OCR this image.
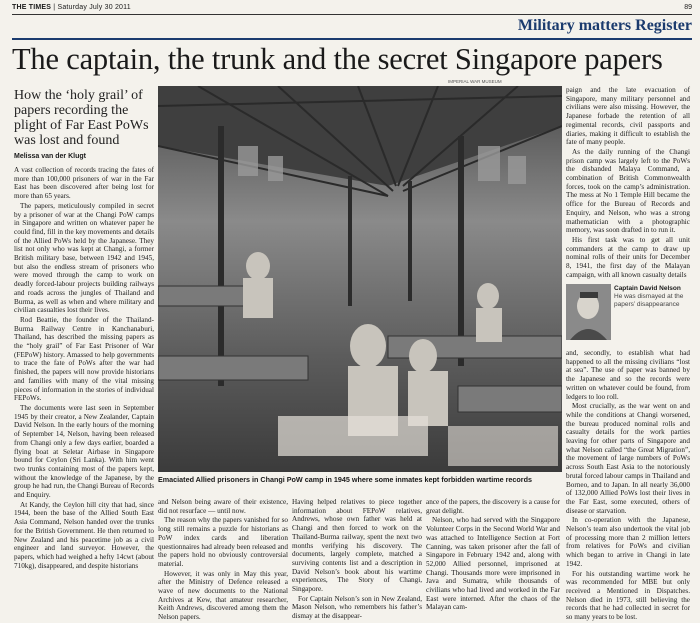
THE TIMES | Saturday July 30 2011	89
Military matters Register
The captain, the trunk and the secret Singapore papers
How the ‘holy grail’ of papers recording the plight of Far East PoWs was lost and found
Melissa van der Klugt

A vast collection of records tracing the fates of more than 100,000 prisoners of war in the Far East has been discovered after being lost for more than 65 years.

The papers, meticulously compiled in secret by a prisoner of war at the Changi PoW camps in Singapore and written on whatever paper he could find, fill in the key movements and details of the Allied PoWs held by the Japanese. They list not only who was kept at Changi, a former British military base, between 1942 and 1945, but also the endless stream of prisoners who were moved through the camp to work on deadly forced-labour projects building railways and roads across the jungles of Thailand and Burma, as well as when and where military and civilian casualties lost their lives.

Rod Beattie, the founder of the Thailand-Burma Railway Centre in Kanchanaburi, Thailand, has described the missing papers as the “holy grail” of Far East Prisoner of War (FEPoW) history. Amassed to help governments to trace the fate of PoWs after the war had finished, the papers will now provide historians and families with many of the vital missing pieces of information in the stories of individual FEPoWs.

The documents were last seen in September 1945 by their creator, a New Zealander, Captain David Nelson. In the early hours of the morning of September 14, Nelson, having been released from Changi only a few days earlier, boarded a flying boat at Seletar Airbase in Singapore bound for Ceylon (Sri Lanka). With him went two trunks containing most of the papers kept, without the knowledge of the Japanese, by the group he had run, the Changi Bureau of Records and Enquiry.

At Kandy, the Ceylon hill city that had, since 1944, been the base of the Allied South East Asia Command, Nelson handed over the trunks for the British Government. He then returned to New Zealand and his peacetime job as a civil engineer and land surveyor. However, the papers, which had weighed a hefty 14cwt (about 710kg), disappeared, and despite historians

IMPERIAL WAR MUSEUM
Emaciated Allied prisoners in Changi PoW camp in 1945 where some inmates kept forbidden wartime records

and Nelson being aware of their existence, did not resurface — until now.

The reason why the papers vanished for so long still remains a puzzle for historians as PoW index cards and liberation questionnaires had already been released and the papers hold no obviously controversial material.

However, it was only in May this year, after the Ministry of Defence released a wave of new documents to the National Archives at Kew, that amateur researcher, Keith Andrews, discovered among them the Nelson papers.

Having helped relatives to piece together information about FEPoW relatives, Andrews, whose own father was held at Changi and then forced to work on the Thailand-Burma railway, spent the next two months verifying his discovery. The documents, largely complete, matched a surviving contents list and a description in David Nelson’s book about his wartime experiences, The Story of Changi, Singapore.

For Captain Nelson’s son in New Zealand, Mason Nelson, who remembers his father’s dismay at the disappear-

ance of the papers, the discovery is a cause for great delight.

Nelson, who had served with the Singapore Volunteer Corps in the Second World War and was attached to Intelligence Section at Fort Canning, was taken prisoner after the fall of Singapore in February 1942 and, along with 52,000 Allied personnel, imprisoned at Changi. Thousands more were imprisoned in Java and Sumatra, while thousands of civilians who had lived and worked in the Far East were interned. After the chaos of the Malayan cam-

paign and the late evacuation of Singapore, many military personnel and civilians were also missing. However, the Japanese forbade the retention of all regimental records, civil passports and diaries, making it difficult to establish the fate of many people.

As the daily running of the Changi prison camp was largely left to the PoWs the disbanded Malaya Command, a combination of British Commonwealth forces, took on the camp’s administration. The mess at No 1 Temple Hill became the office for the Bureau of Records and Enquiry, and Nelson, who was a strong mathematician with a photographic memory, was soon drafted in to run it.

His first task was to get all unit commanders at the camp to draw up nominal rolls of their units for December 8, 1941, the first day of the Malayan campaign, with all known casualty details

Captain David Nelson
He was dismayed at the papers’ disappearance

and, secondly, to establish what had happened to all the missing civilians “lost at sea”. The use of paper was banned by the Japanese and so the records were written on whatever could be found, from ledgers to loo roll.

Most crucially, as the war went on and while the conditions at Changi worsened, the bureau produced nominal rolls and casualty details for the work parties leaving for other parts of Singapore and what Nelson called “the Great Migration”, the movement of large numbers of PoWs across South East Asia to the notoriously brutal forced labour camps in Thailand and Borneo, and to Japan. In all nearly 36,000 of 132,000 Allied PoWs lost their lives in the Far East, some executed, others of disease or starvation.

In co-operation with the Japanese, Nelson’s team also undertook the vital job of processing more than 2 million letters from relatives for PoWs and civilian which began to arrive in Changi in late 1942.

For his outstanding wartime work he was recommended for MBE but only received a Mentioned in Dispatches. Nelson died in 1973, still believing the records that he had collected in secret for so many years to be lost.
